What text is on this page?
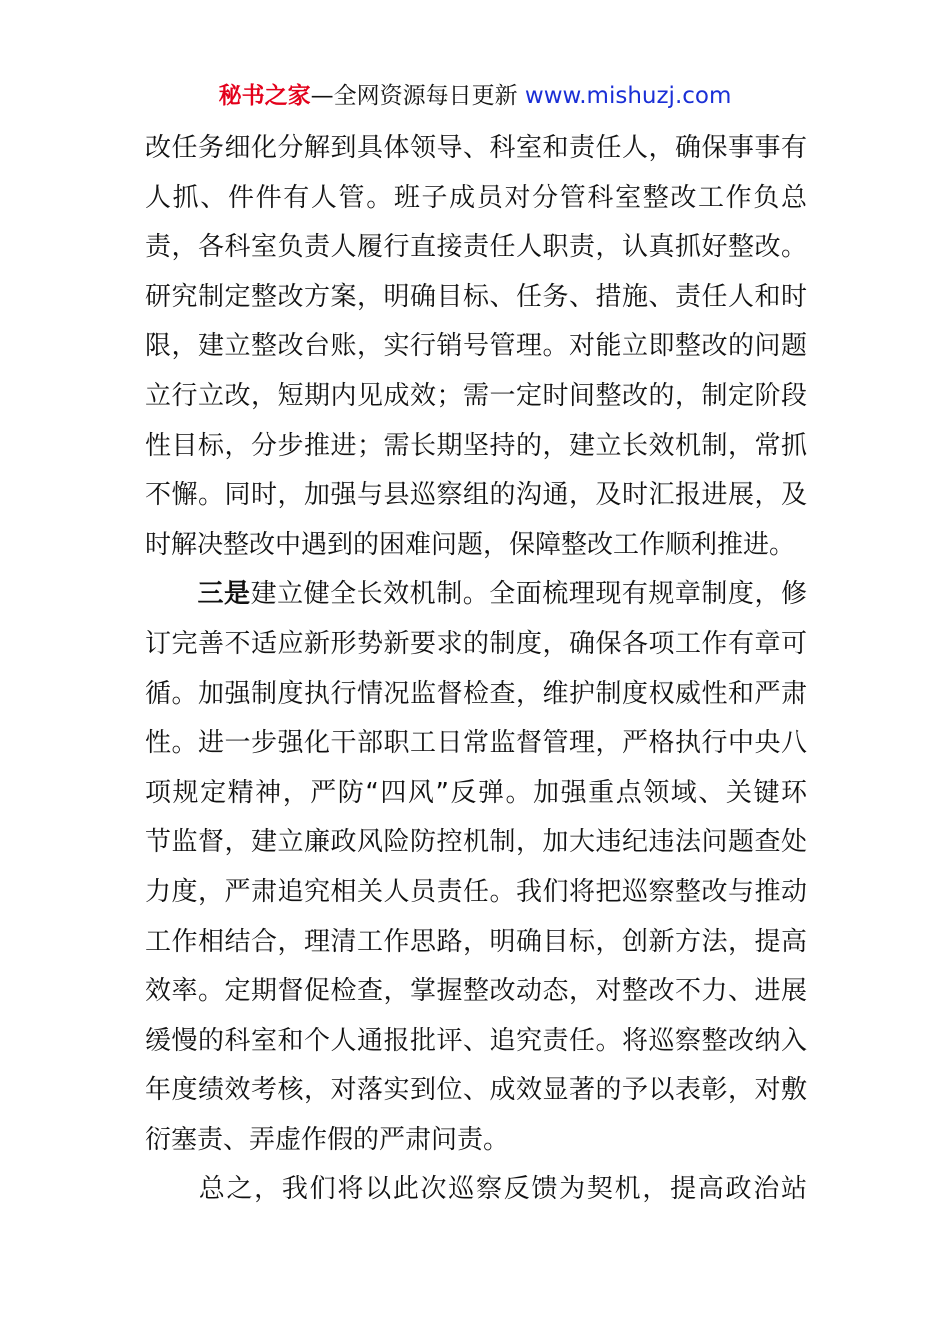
秘书之家—全网资源每日更新 www.mishuzj.com
改任务细化分解到具体领导、科室和责任人，确保事事有
人抓、件件有人管。班子成员对分管科室整改工作负总
责，各科室负责人履行直接责任人职责，认真抓好整改。
研究制定整改方案，明确目标、任务、措施、责任人和时
限，建立整改台账，实行销号管理。对能立即整改的问题
立行立改，短期内见成效；需一定时间整改的，制定阶段
性目标，分步推进；需长期坚持的，建立长效机制，常抓
不懈。同时，加强与县巡察组的沟通，及时汇报进展，及
时解决整改中遇到的困难问题，保障整改工作顺利推进。
三是建立健全长效机制。全面梳理现有规章制度，修
订完善不适应新形势新要求的制度，确保各项工作有章可
循。加强制度执行情况监督检查，维护制度权威性和严肃
性。进一步强化干部职工日常监督管理，严格执行中央八
项规定精神，严防“四风”反弹。加强重点领域、关键环
节监督，建立廉政风险防控机制，加大违纪违法问题查处
力度，严肃追究相关人员责任。我们将把巡察整改与推动
工作相结合，理清工作思路，明确目标，创新方法，提高
效率。定期督促检查，掌握整改动态，对整改不力、进展
缓慢的科室和个人通报批评、追究责任。将巡察整改纳入
年度绩效考核，对落实到位、成效显著的予以表彰，对敷
衍塞责、弄虚作假的严肃问责。
总之，我们将以此次巡察反馈为契机，提高政治站
